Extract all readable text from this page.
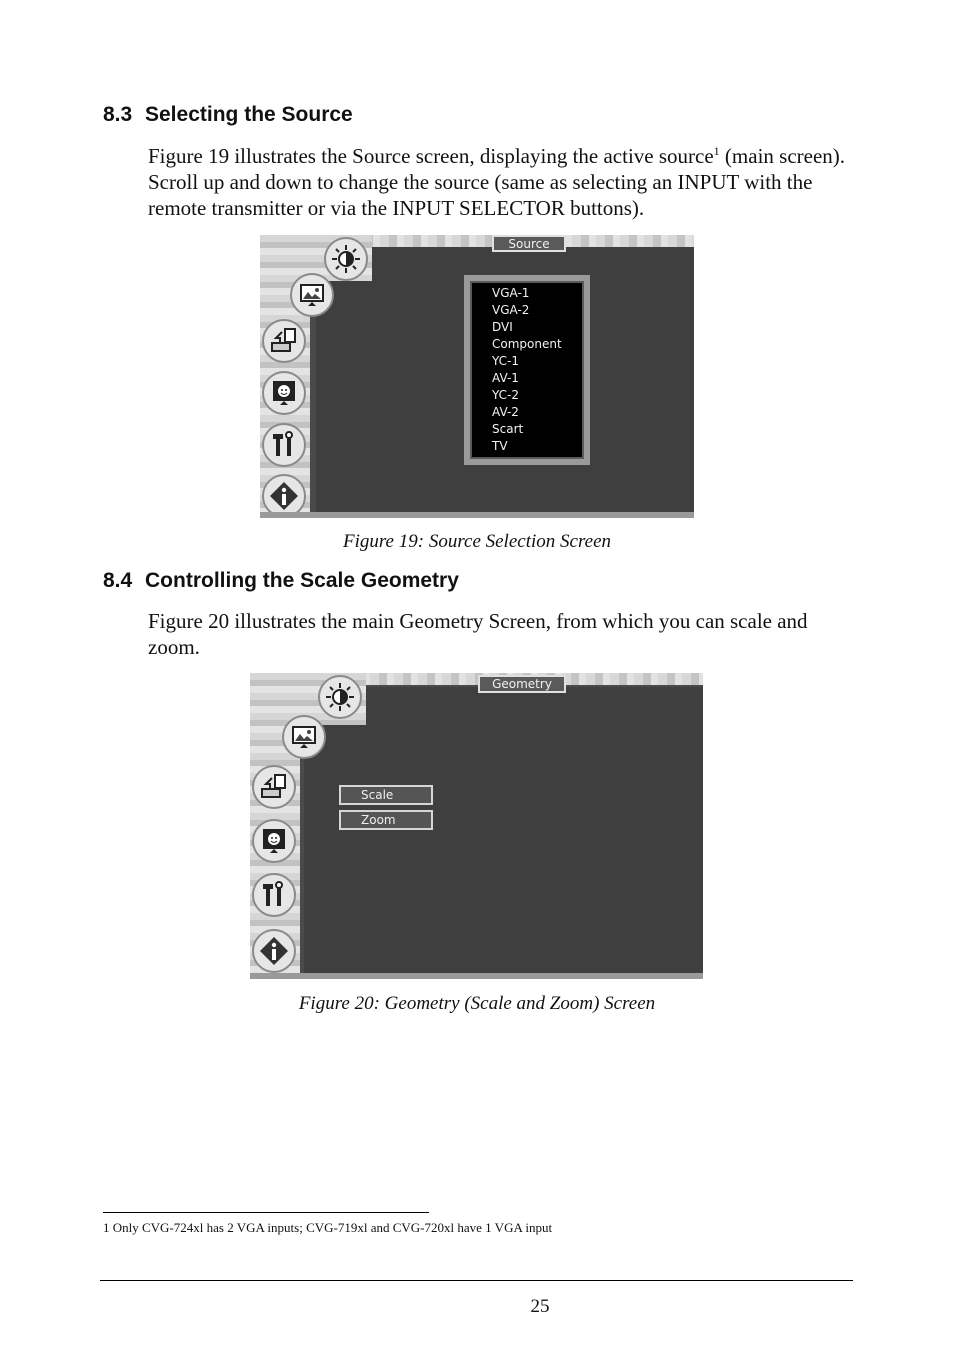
8.3 Selecting the Source

Figure 19 illustrates the Source screen, displaying the active source$^1$ (main screen). Scroll up and down to change the source (same as selecting an INPUT with the remote transmitter or via the INPUT SELECTOR buttons).

Source
VGA-1
VGA-2
DVI
Component
YC-1
AV-1
YC-2
AV-2
Scart
TV

Figure 19: Source Selection Screen

8.4 Controlling the Scale Geometry

Figure 20 illustrates the main Geometry Screen, from which you can scale and zoom.

Geometry
Scale
Zoom

Figure 20: Geometry (Scale and Zoom) Screen

1 Only CVG-724xl has 2 VGA inputs; CVG-719xl and CVG-720xl have 1 VGA input

25
